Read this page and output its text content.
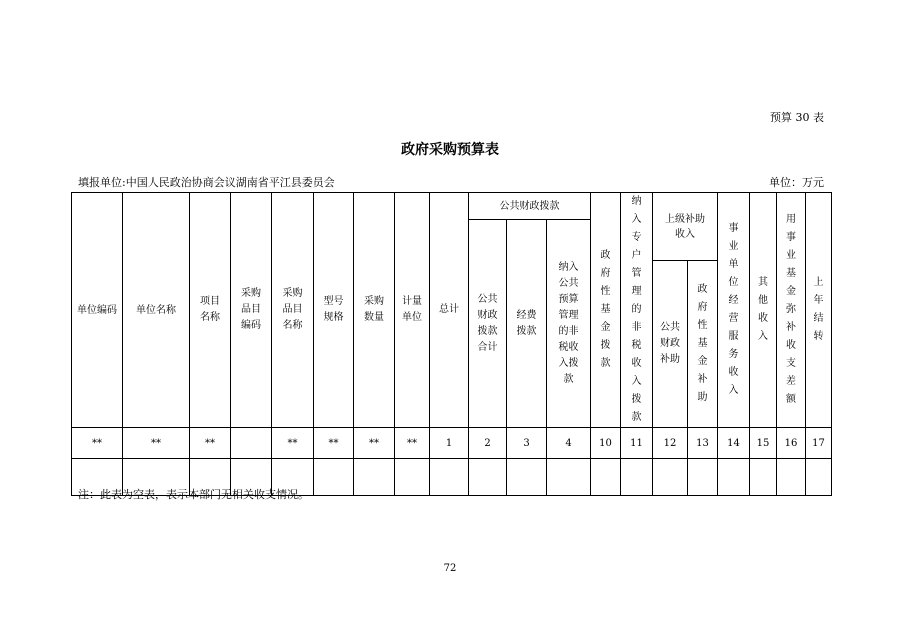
预算 30 表
政府采购预算表
填报单位:中国人民政治协商会议湖南省平江县委员会	单位：万元
单位编码	单位名称	项目名称	采购品目编码	采购品目名称	型号规格	采购数量	计量单位	总计	公共财政拨款			政府性基金拨款	纳入专户管理的非税收入拨款	上级补助收入		事业单位经营服务收入	其他收入	用事业基金弥补收支差额	上年结转
									公共财政拨款合计	经费拨款	纳入公共预算管理的非税收入拨款								
														公共财政补助	政府性基金补助				
**	**	**		**	**	**	**	1	2	3	4	10	11	12	13	14	15	16	17

注：此表为空表，表示本部门无相关收支情况。
72
